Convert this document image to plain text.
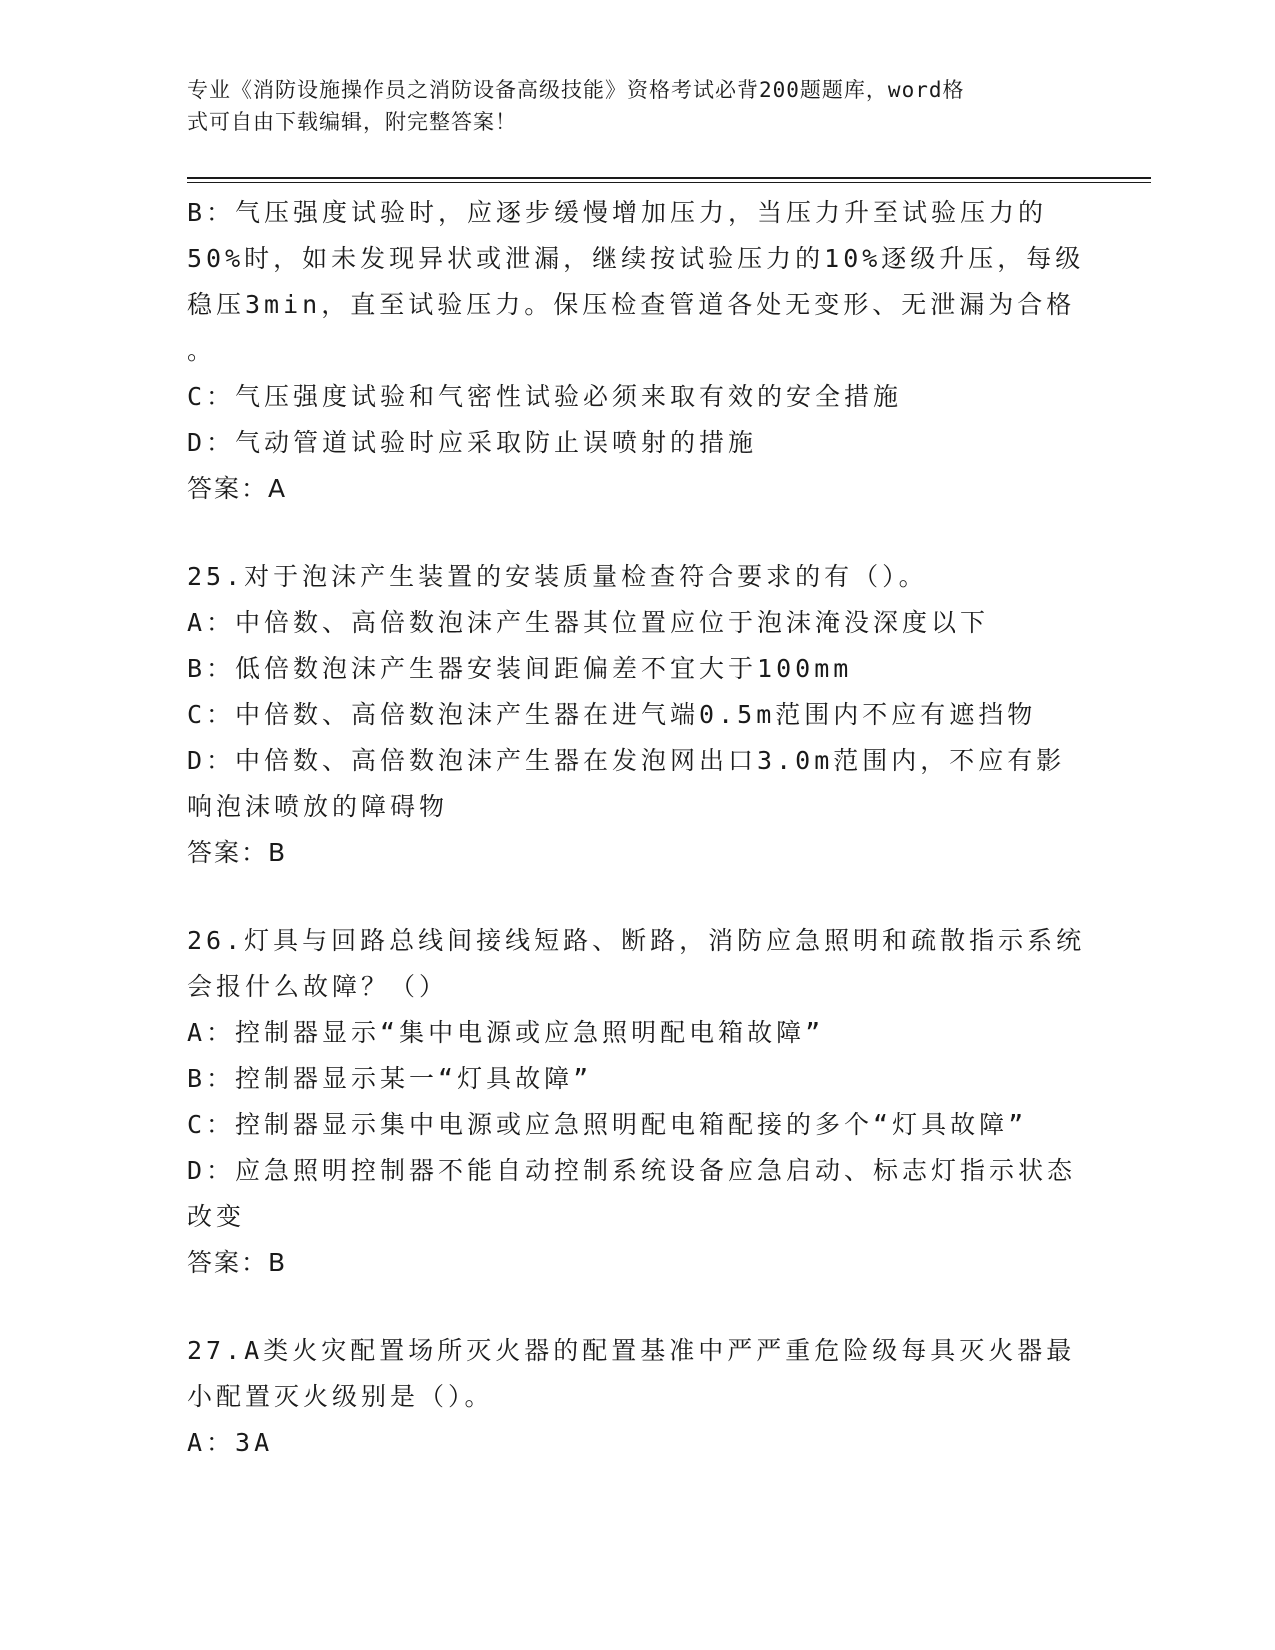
专业《消防设施操作员之消防设备高级技能》资格考试必背200题题库，word格
式可自由下载编辑，附完整答案！
B：气压强度试验时，应逐步缓慢增加压力，当压力升至试验压力的
50%时，如未发现异状或泄漏，继续按试验压力的10%逐级升压，每级
稳压3min，直至试验压力。保压检查管道各处无变形、无泄漏为合格
。
C：气压强度试验和气密性试验必须来取有效的安全措施
D：气动管道试验时应采取防止误喷射的措施
答案：A
25.对于泡沫产生装置的安装质量检查符合要求的有（）。
A：中倍数、高倍数泡沫产生器其位置应位于泡沫淹没深度以下
B：低倍数泡沫产生器安装间距偏差不宜大于100mm
C：中倍数、高倍数泡沫产生器在进气端0.5m范围内不应有遮挡物
D：中倍数、高倍数泡沫产生器在发泡网出口3.0m范围内，不应有影
响泡沫喷放的障碍物
答案：B
26.灯具与回路总线间接线短路、断路，消防应急照明和疏散指示系统
会报什么故障？（）
A：控制器显示“集中电源或应急照明配电箱故障”
B：控制器显示某一“灯具故障”
C：控制器显示集中电源或应急照明配电箱配接的多个“灯具故障”
D：应急照明控制器不能自动控制系统设备应急启动、标志灯指示状态
改变
答案：B
27.A类火灾配置场所灭火器的配置基准中严严重危险级每具灭火器最
小配置灭火级别是（）。
A：3A
